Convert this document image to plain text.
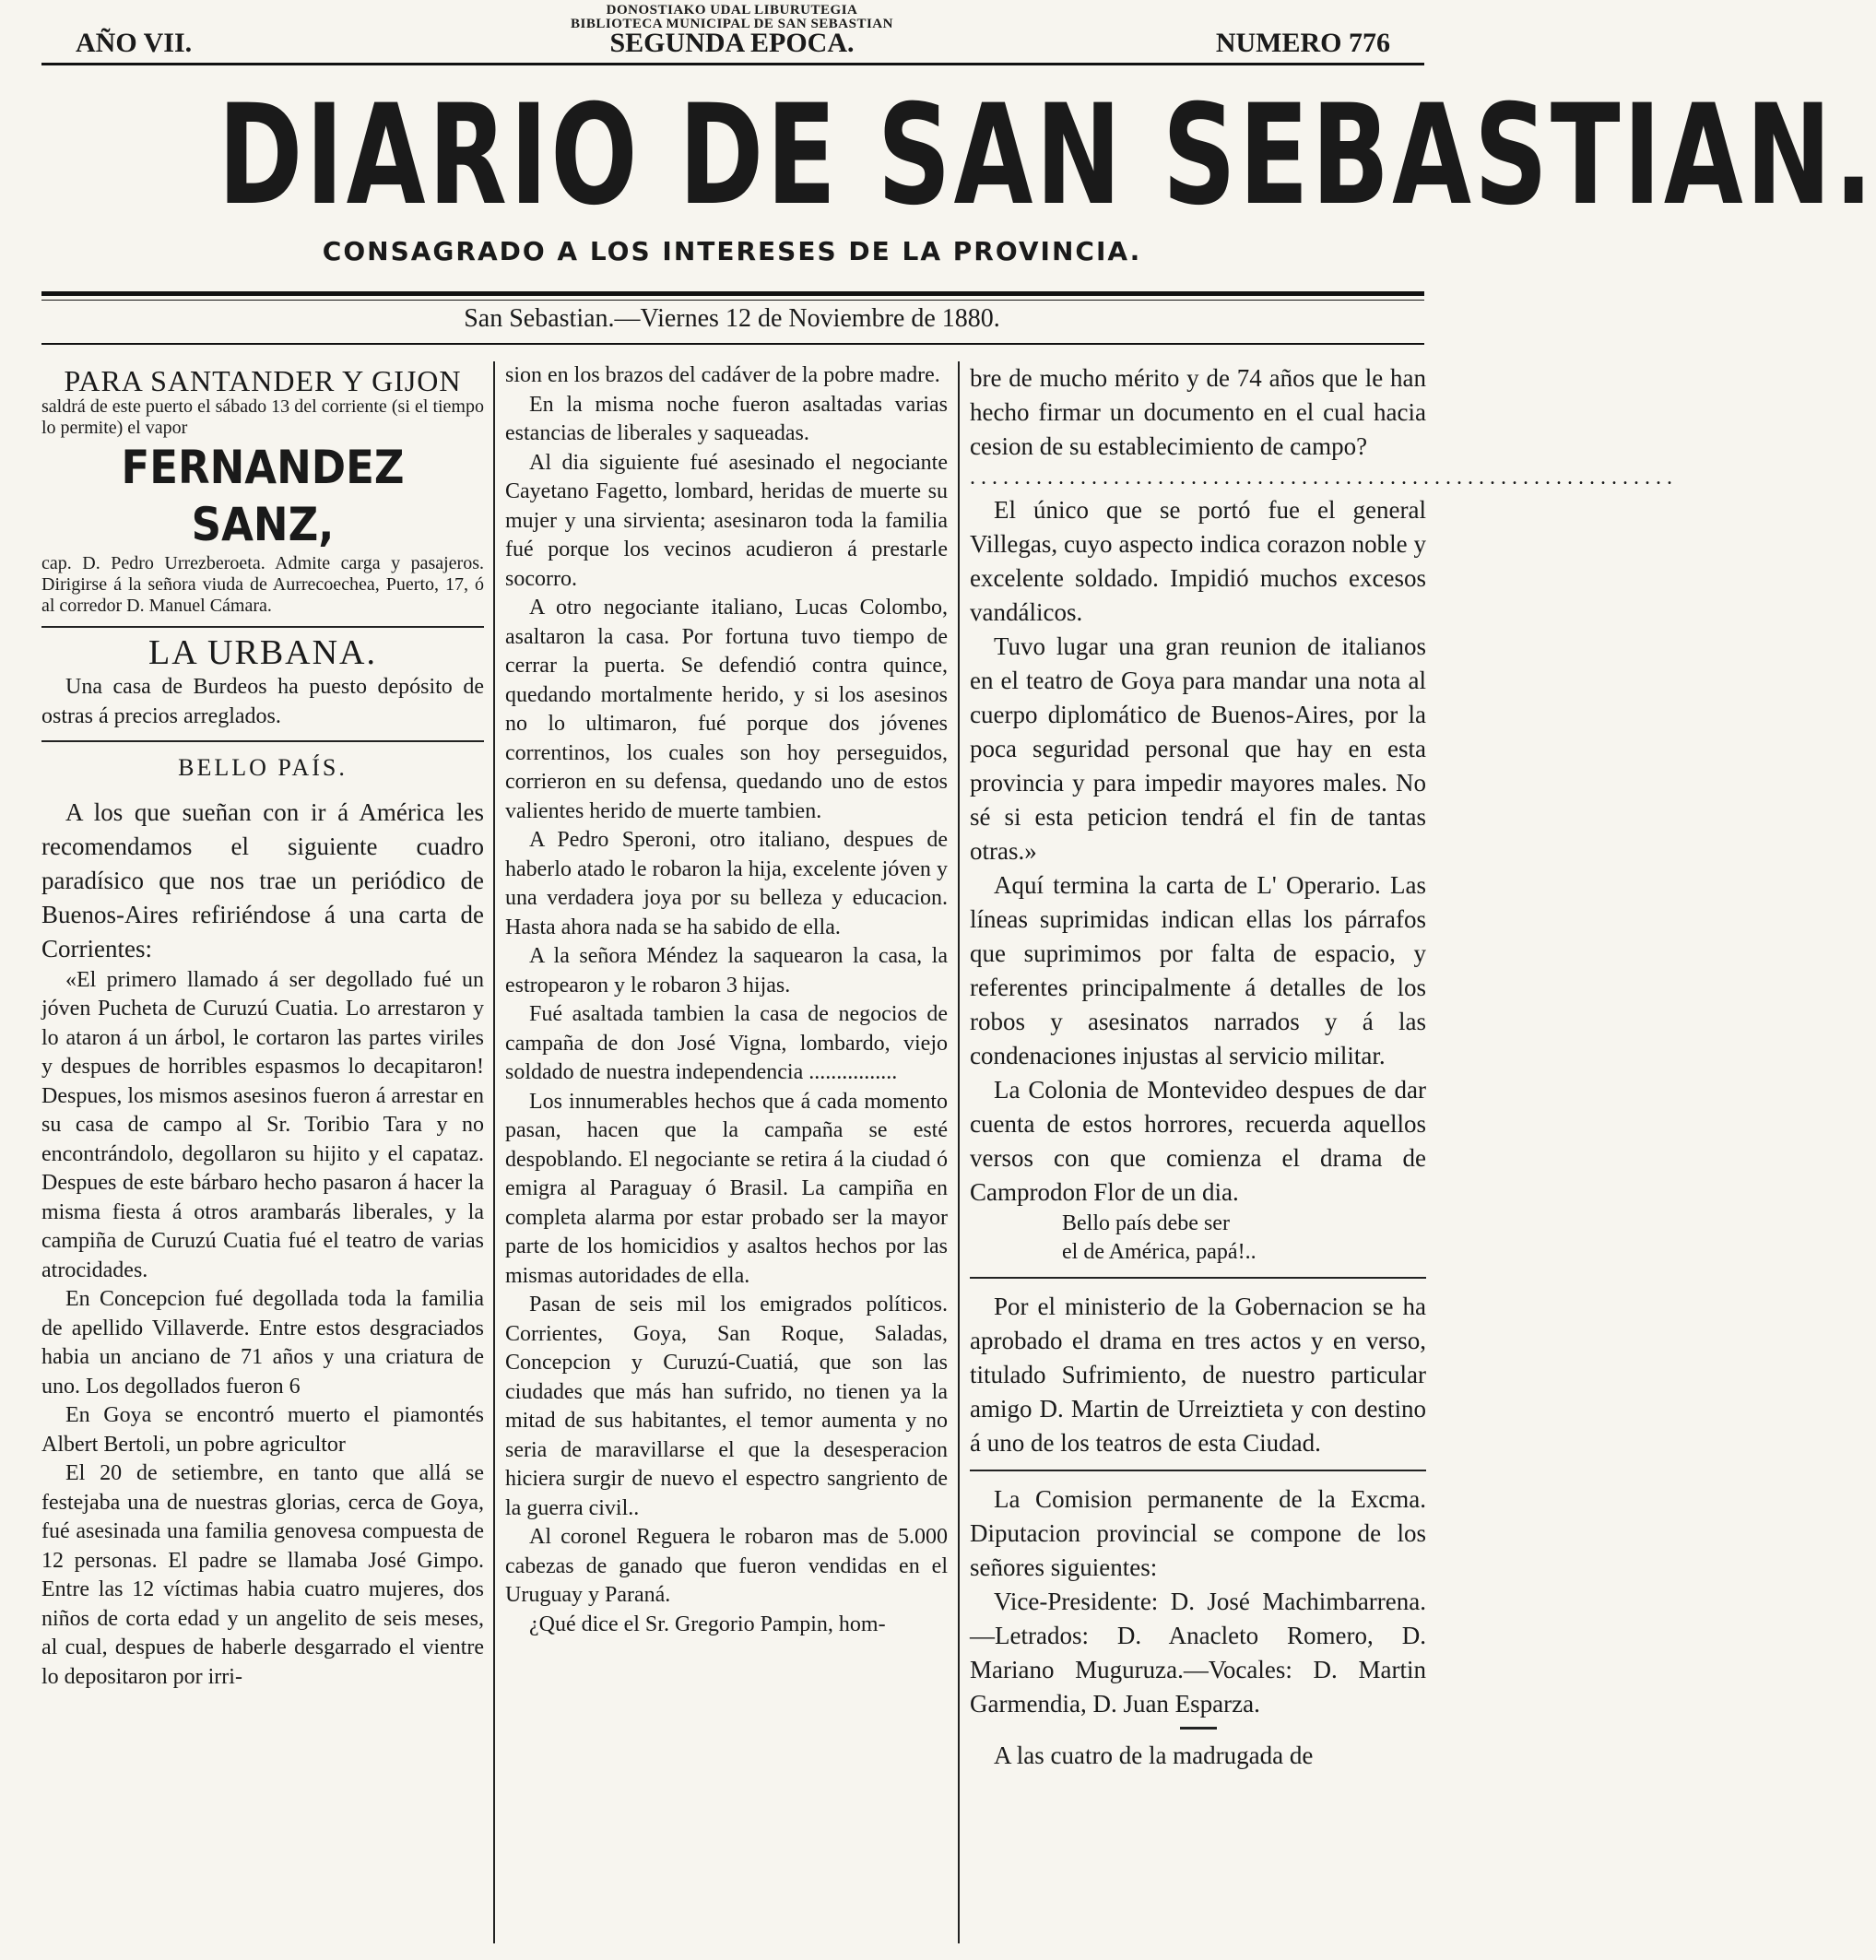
DONOSTIAKO UDAL LIBURUTEGIA
BIBLIOTECA MUNICIPAL DE SAN SEBASTIAN
AÑO VII.	SEGUNDA EPOCA.	NUMERO 776
DIARIO DE SAN SEBASTIAN.
CONSAGRADO A LOS INTERESES DE LA PROVINCIA.
San Sebastian.—Viernes 12 de Noviembre de 1880.

PARA SANTANDER Y GIJON

saldrá de este puerto el sábado 13 del corriente (si el tiempo lo permite) el vapor

FERNANDEZ SANZ,

cap. D. Pedro Urrezberoeta. Admite carga y pasajeros. Dirigirse á la señora viuda de Aurrecoechea, Puerto, 17, ó al corredor D. Manuel Cámara.

LA URBANA.

Una casa de Burdeos ha puesto depósito de ostras á precios arreglados.

BELLO PAÍS.

A los que sueñan con ir á América les recomendamos el siguiente cuadro paradísico que nos trae un periódico de Buenos-Aires refiriéndose á una carta de Corrientes:

«El primero llamado á ser degollado fué un jóven Pucheta de Curuzú Cuatia. Lo arrestaron y lo ataron á un árbol, le cortaron las partes viriles y despues de horribles espasmos lo decapitaron! Despues, los mismos asesinos fueron á arrestar en su casa de campo al Sr. Toribio Tara y no encontrándolo, degollaron su hijito y el capataz. Despues de este bárbaro hecho pasaron á hacer la misma fiesta á otros arambarás liberales, y la campiña de Curuzú Cuatia fué el teatro de varias atrocidades.

En Concepcion fué degollada toda la familia de apellido Villaverde. Entre estos desgraciados habia un anciano de 71 años y una criatura de uno. Los degollados fueron 6

En Goya se encontró muerto el piamontés Albert Bertoli, un pobre agricultor

El 20 de setiembre, en tanto que allá se festejaba una de nuestras glorias, cerca de Goya, fué asesinada una familia genovesa compuesta de 12 personas. El padre se llamaba José Gimpo. Entre las 12 víctimas habia cuatro mujeres, dos niños de corta edad y un angelito de seis meses, al cual, despues de haberle desgarrado el vientre lo depositaron por irri-

sion en los brazos del cadáver de la pobre madre.

En la misma noche fueron asaltadas varias estancias de liberales y saqueadas.

Al dia siguiente fué asesinado el negociante Cayetano Fagetto, lombard, heridas de muerte su mujer y una sirvienta; asesinaron toda la familia fué porque los vecinos acudieron á prestarle socorro.

A otro negociante italiano, Lucas Colombo, asaltaron la casa. Por fortuna tuvo tiempo de cerrar la puerta. Se defendió contra quince, quedando mortalmente herido, y si los asesinos no lo ultimaron, fué porque dos jóvenes correntinos, los cuales son hoy perseguidos, corrieron en su defensa, quedando uno de estos valientes herido de muerte tambien.

A Pedro Speroni, otro italiano, despues de haberlo atado le robaron la hija, excelente jóven y una verdadera joya por su belleza y educacion. Hasta ahora nada se ha sabido de ella.

A la señora Méndez la saquearon la casa, la estropearon y le robaron 3 hijas.

Fué asaltada tambien la casa de negocios de campaña de don José Vigna, lombardo, viejo soldado de nuestra independencia ................

Los innumerables hechos que á cada momento pasan, hacen que la campaña se esté despoblando. El negociante se retira á la ciudad ó emigra al Paraguay ó Brasil. La campiña en completa alarma por estar probado ser la mayor parte de los homicidios y asaltos hechos por las mismas autoridades de ella.

Pasan de seis mil los emigrados políticos. Corrientes, Goya, San Roque, Saladas, Concepcion y Curuzú-Cuatiá, que son las ciudades que más han sufrido, no tienen ya la mitad de sus habitantes, el temor aumenta y no seria de maravillarse el que la desesperacion hiciera surgir de nuevo el espectro sangriento de la guerra civil..

Al coronel Reguera le robaron mas de 5.000 cabezas de ganado que fueron vendidas en el Uruguay y Paraná.

¿Qué dice el Sr. Gregorio Pampin, hom-

bre de mucho mérito y de 74 años que le han hecho firmar un documento en el cual hacia cesion de su establecimiento de campo?

................................................................

El único que se portó fue el general Villegas, cuyo aspecto indica corazon noble y excelente soldado. Impidió muchos excesos vandálicos.

Tuvo lugar una gran reunion de italianos en el teatro de Goya para mandar una nota al cuerpo diplomático de Buenos-Aires, por la poca seguridad personal que hay en esta provincia y para impedir mayores males. No sé si esta peticion tendrá el fin de tantas otras.»

Aquí termina la carta de L' Operario. Las líneas suprimidas indican ellas los párrafos que suprimimos por falta de espacio, y referentes principalmente á detalles de los robos y asesinatos narrados y á las condenaciones injustas al servicio militar.

La Colonia de Montevideo despues de dar cuenta de estos horrores, recuerda aquellos versos con que comienza el drama de Camprodon Flor de un dia.

Bello país debe ser

el de América, papá!..

Por el ministerio de la Gobernacion se ha aprobado el drama en tres actos y en verso, titulado Sufrimiento, de nuestro particular amigo D. Martin de Urreiztieta y con destino á uno de los teatros de esta Ciudad.

La Comision permanente de la Excma. Diputacion provincial se compone de los señores siguientes:

Vice-Presidente: D. José Machimbarrena.—Letrados: D. Anacleto Romero, D. Mariano Muguruza.—Vocales: D. Martin Garmendia, D. Juan Esparza.

A las cuatro de la madrugada de
